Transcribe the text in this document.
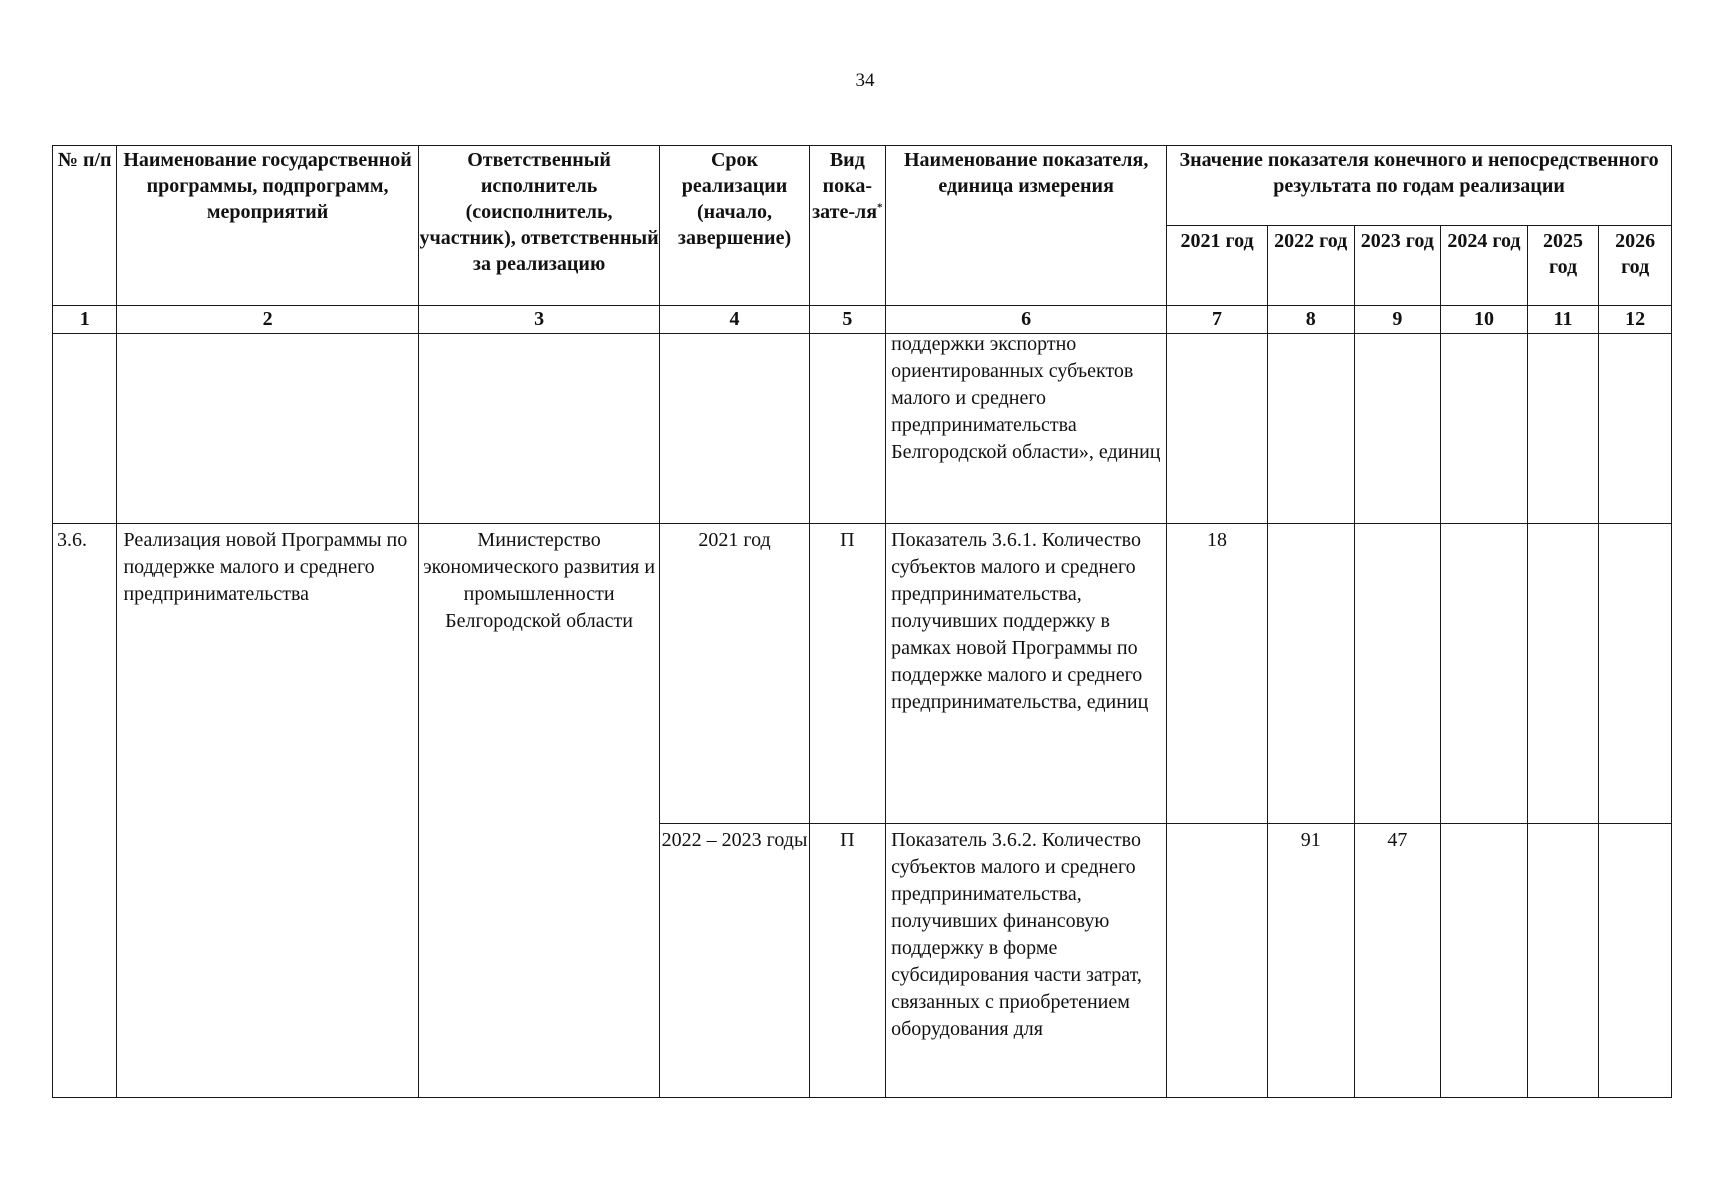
34
№ п/п	Наименование государственной программы, подпрограмм, мероприятий	Ответственный исполнитель (соисполнитель, участник), ответственный за реализацию	Срок реализации (начало, завершение)	Вид пока-зате-ля*	Наименование показателя, единица измерения	Значение показателя конечного и непосредственного результата по годам реализации					
						2021 год	2022 год	2023 год	2024 год	2025 год	2026 год
1	2	3	4	5	6	7	8	9	10	11	12

					поддержки экспортно ориентированных субъектов малого и среднего предпринимательства Белгородской области», единиц						

3.6.	Реализация новой Программы по поддержке малого и среднего предпринимательства	Министерство экономического развития и промышленности Белгородской области	2021 год	П	Показатель 3.6.1. Количество субъектов малого и среднего предпринимательства, получивших поддержку в рамках новой Программы по поддержке малого и среднего предпринимательства, единиц	18					
			2022 – 2023 годы	П	Показатель 3.6.2. Количество субъектов малого и среднего предпринимательства, получивших финансовую поддержку в форме субсидирования части затрат, связанных с приобретением оборудования для		91	47			
